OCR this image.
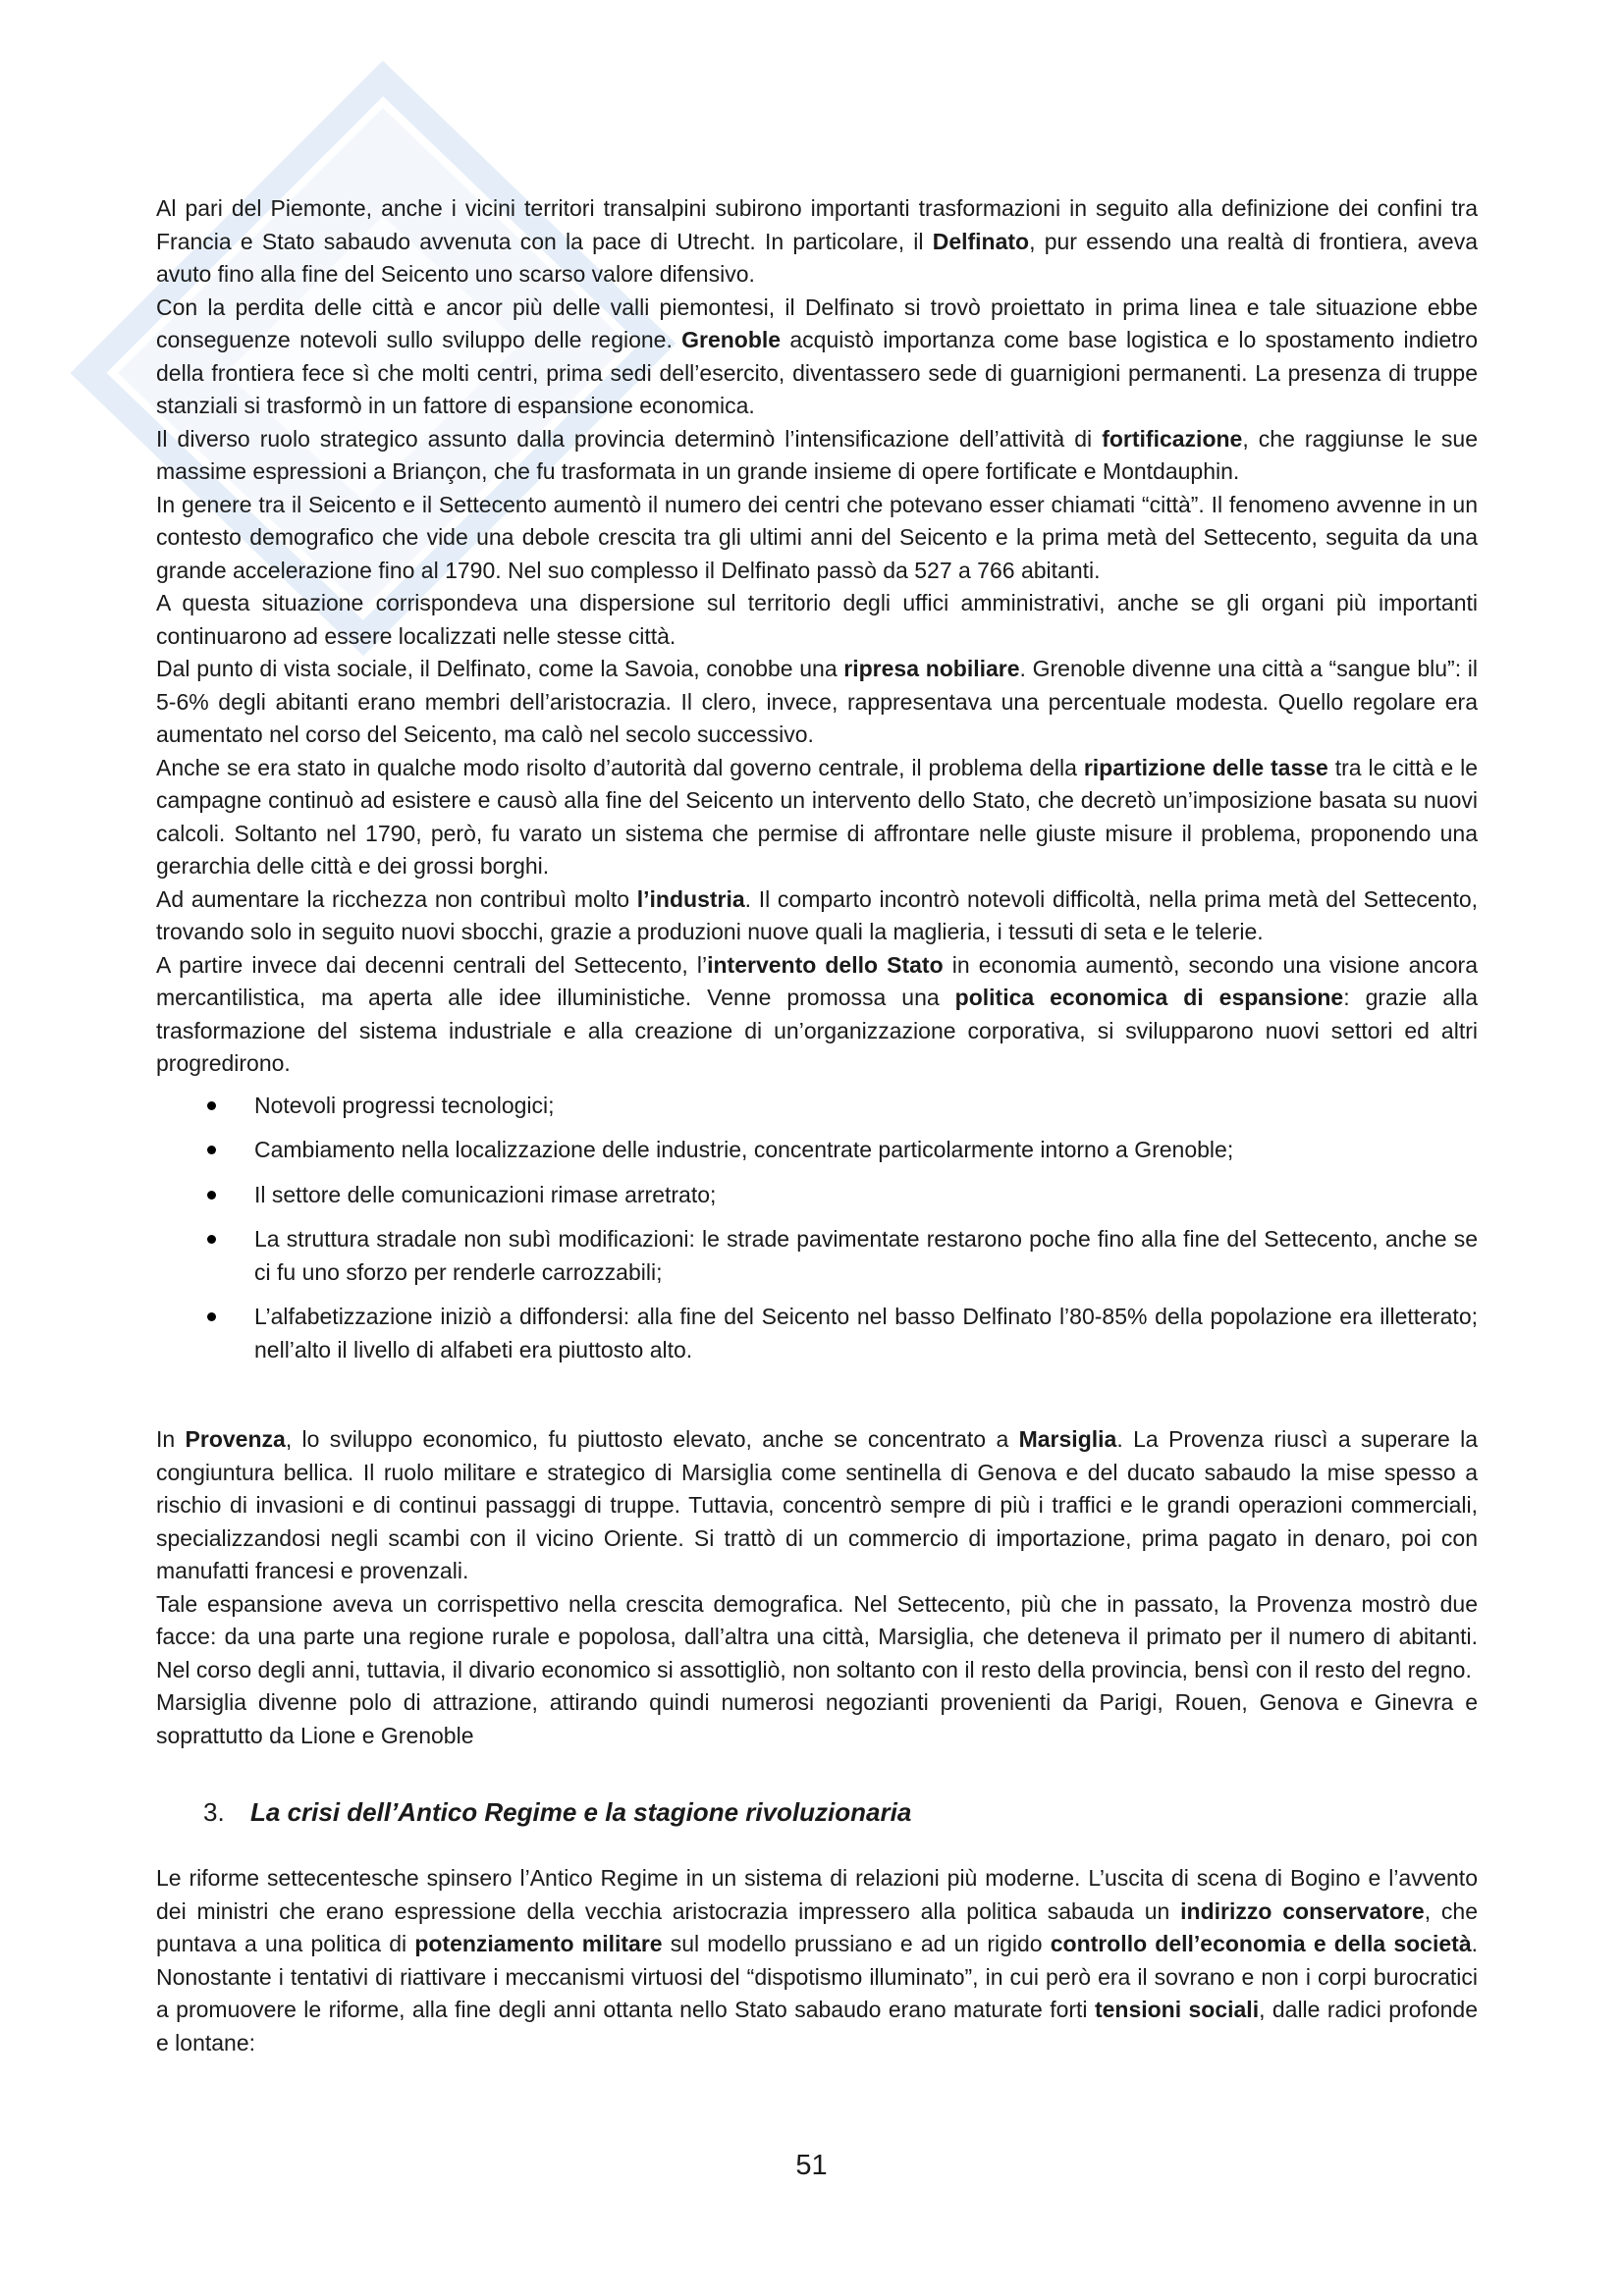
Al pari del Piemonte, anche i vicini territori transalpini subirono importanti trasformazioni in seguito alla definizione dei confini tra Francia e Stato sabaudo avvenuta con la pace di Utrecht. In particolare, il Delfinato, pur essendo una realtà di frontiera, aveva avuto fino alla fine del Seicento uno scarso valore difensivo.

Con la perdita delle città e ancor più delle valli piemontesi, il Delfinato si trovò proiettato in prima linea e tale situazione ebbe conseguenze notevoli sullo sviluppo delle regione. Grenoble acquistò importanza come base logistica e lo spostamento indietro della frontiera fece sì che molti centri, prima sedi dell’esercito, diventassero sede di guarnigioni permanenti. La presenza di truppe stanziali si trasformò in un fattore di espansione economica.

Il diverso ruolo strategico assunto dalla provincia determinò l’intensificazione dell’attività di fortificazione, che raggiunse le sue massime espressioni a Briançon, che fu trasformata in un grande insieme di opere fortificate e Montdauphin.

In genere tra il Seicento e il Settecento aumentò il numero dei centri che potevano esser chiamati “città”. Il fenomeno avvenne in un contesto demografico che vide una debole crescita tra gli ultimi anni del Seicento e la prima metà del Settecento, seguita da una grande accelerazione fino al 1790. Nel suo complesso il Delfinato passò da 527 a 766 abitanti.

A questa situazione corrispondeva una dispersione sul territorio degli uffici amministrativi, anche se gli organi più importanti continuarono ad essere localizzati nelle stesse città.

Dal punto di vista sociale, il Delfinato, come la Savoia, conobbe una ripresa nobiliare. Grenoble divenne una città a “sangue blu”: il 5-6% degli abitanti erano membri dell’aristocrazia. Il clero, invece, rappresentava una percentuale modesta. Quello regolare era aumentato nel corso del Seicento, ma calò nel secolo successivo.

Anche se era stato in qualche modo risolto d’autorità dal governo centrale, il problema della ripartizione delle tasse tra le città e le campagne continuò ad esistere e causò alla fine del Seicento un intervento dello Stato, che decretò un’imposizione basata su nuovi calcoli. Soltanto nel 1790, però, fu varato un sistema che permise di affrontare nelle giuste misure il problema, proponendo una gerarchia delle città e dei grossi borghi.

Ad aumentare la ricchezza non contribuì molto l’industria. Il comparto incontrò notevoli difficoltà, nella prima metà del Settecento, trovando solo in seguito nuovi sbocchi, grazie a produzioni nuove quali la maglieria, i tessuti di seta e le telerie.

A partire invece dai decenni centrali del Settecento, l’intervento dello Stato in economia aumentò, secondo una visione ancora mercantilistica, ma aperta alle idee illuministiche. Venne promossa una politica economica di espansione: grazie alla trasformazione del sistema industriale e alla creazione di un’organizzazione corporativa, si svilupparono nuovi settori ed altri progredirono.

Notevoli progressi tecnologici;
Cambiamento nella localizzazione delle industrie, concentrate particolarmente intorno a Grenoble;
Il settore delle comunicazioni rimase arretrato;
La struttura stradale non subì modificazioni: le strade pavimentate restarono poche fino alla fine del Settecento, anche se ci fu uno sforzo per renderle carrozzabili;
L’alfabetizzazione iniziò a diffondersi: alla fine del Seicento nel basso Delfinato l’80-85% della popolazione era illetterato; nell’alto il livello di alfabeti era piuttosto alto.

In Provenza, lo sviluppo economico, fu piuttosto elevato, anche se concentrato a Marsiglia. La Provenza riuscì a superare la congiuntura bellica. Il ruolo militare e strategico di Marsiglia come sentinella di Genova e del ducato sabaudo la mise spesso a rischio di invasioni e di continui passaggi di truppe. Tuttavia, concentrò sempre di più i traffici e le grandi operazioni commerciali, specializzandosi negli scambi con il vicino Oriente. Si trattò di un commercio di importazione, prima pagato in denaro, poi con manufatti francesi e provenzali.

Tale espansione aveva un corrispettivo nella crescita demografica. Nel Settecento, più che in passato, la Provenza mostrò due facce: da una parte una regione rurale e popolosa, dall’altra una città, Marsiglia, che deteneva il primato per il numero di abitanti. Nel corso degli anni, tuttavia, il divario economico si assottigliò, non soltanto con il resto della provincia, bensì con il resto del regno.

Marsiglia divenne polo di attrazione, attirando quindi numerosi negozianti provenienti da Parigi, Rouen, Genova e Ginevra e soprattutto da Lione e Grenoble

3. La crisi dell’Antico Regime e la stagione rivoluzionaria

Le riforme settecentesche spinsero l’Antico Regime in un sistema di relazioni più moderne. L’uscita di scena di Bogino e l’avvento dei ministri che erano espressione della vecchia aristocrazia impressero alla politica sabauda un indirizzo conservatore, che puntava a una politica di potenziamento militare sul modello prussiano e ad un rigido controllo dell’economia e della società. Nonostante i tentativi di riattivare i meccanismi virtuosi del “dispotismo illuminato”, in cui però era il sovrano e non i corpi burocratici a promuovere le riforme, alla fine degli anni ottanta nello Stato sabaudo erano maturate forti tensioni sociali, dalle radici profonde e lontane:

51
